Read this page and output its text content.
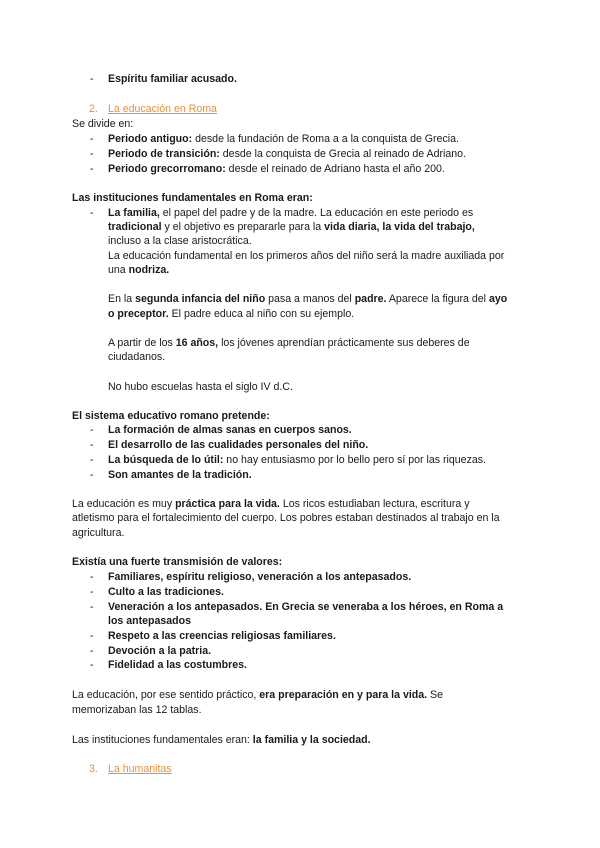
- Espíritu familiar acusado.
2. La educación en Roma
Se divide en:
- Periodo antiguo: desde la fundación de Roma a a la conquista de Grecia.
- Periodo de transición: desde la conquista de Grecia al reinado de Adriano.
- Periodo grecorromano: desde el reinado de Adriano hasta el año 200.
Las instituciones fundamentales en Roma eran:
- La familia, el papel del padre y de la madre. La educación en este periodo es
tradicional y el objetivo es prepararle para la vida diaria, la vida del trabajo,
incluso a la clase aristocrática.
La educación fundamental en los primeros años del niño será la madre auxiliada por
una nodriza.
En la segunda infancia del niño pasa a manos del padre. Aparece la figura del ayo
o preceptor. El padre educa al niño con su ejemplo.
A partir de los 16 años, los jóvenes aprendían prácticamente sus deberes de
ciudadanos.
No hubo escuelas hasta el siglo IV d.C.
El sistema educativo romano pretende:
- La formación de almas sanas en cuerpos sanos.
- El desarrollo de las cualidades personales del niño.
- La búsqueda de lo útil: no hay entusiasmo por lo bello pero sí por las riquezas.
- Son amantes de la tradición.
La educación es muy práctica para la vida. Los ricos estudiaban lectura, escritura y
atletismo para el fortalecimiento del cuerpo. Los pobres estaban destinados al trabajo en la
agricultura.
Existía una fuerte transmisión de valores:
- Familiares, espíritu religioso, veneración a los antepasados.
- Culto a las tradiciones.
- Veneración a los antepasados. En Grecia se veneraba a los héroes, en Roma a
los antepasados
- Respeto a las creencias religiosas familiares.
- Devoción a la patria.
- Fidelidad a las costumbres.
La educación, por ese sentido práctico, era preparación en y para la vida. Se
memorizaban las 12 tablas.
Las instituciones fundamentales eran: la familia y la sociedad.
3. La humanitas
